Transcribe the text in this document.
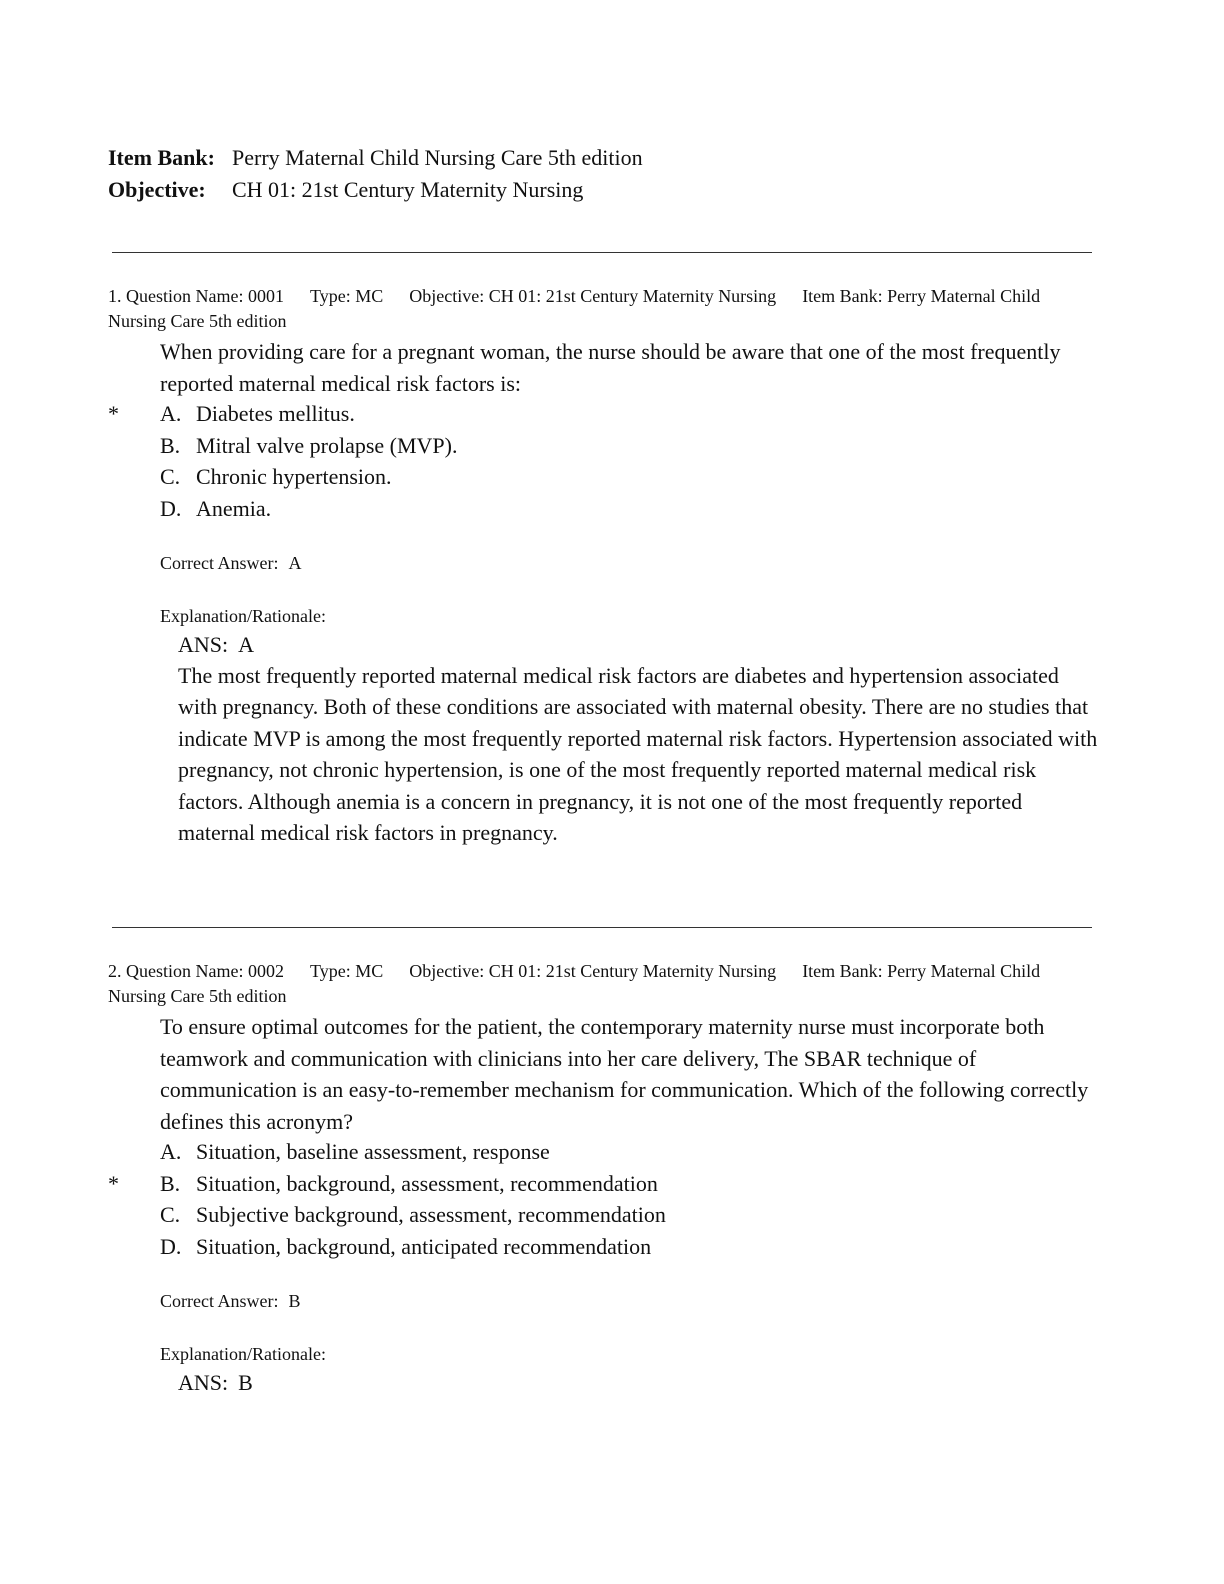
Item Bank: Perry Maternal Child Nursing Care 5th edition
Objective: CH 01: 21st Century Maternity Nursing
1. Question Name: 0001 Type: MC Objective: CH 01: 21st Century Maternity Nursing Item Bank: Perry Maternal Child Nursing Care 5th edition
When providing care for a pregnant woman, the nurse should be aware that one of the most frequently reported maternal medical risk factors is:
* A. Diabetes mellitus.
B. Mitral valve prolapse (MVP).
C. Chronic hypertension.
D. Anemia.
Correct Answer: A
Explanation/Rationale:
ANS: A
The most frequently reported maternal medical risk factors are diabetes and hypertension associated with pregnancy. Both of these conditions are associated with maternal obesity. There are no studies that indicate MVP is among the most frequently reported maternal risk factors. Hypertension associated with pregnancy, not chronic hypertension, is one of the most frequently reported maternal medical risk factors. Although anemia is a concern in pregnancy, it is not one of the most frequently reported maternal medical risk factors in pregnancy.
2. Question Name: 0002 Type: MC Objective: CH 01: 21st Century Maternity Nursing Item Bank: Perry Maternal Child Nursing Care 5th edition
To ensure optimal outcomes for the patient, the contemporary maternity nurse must incorporate both teamwork and communication with clinicians into her care delivery, The SBAR technique of communication is an easy-to-remember mechanism for communication. Which of the following correctly defines this acronym?
A. Situation, baseline assessment, response
* B. Situation, background, assessment, recommendation
C. Subjective background, assessment, recommendation
D. Situation, background, anticipated recommendation
Correct Answer: B
Explanation/Rationale:
ANS: B
